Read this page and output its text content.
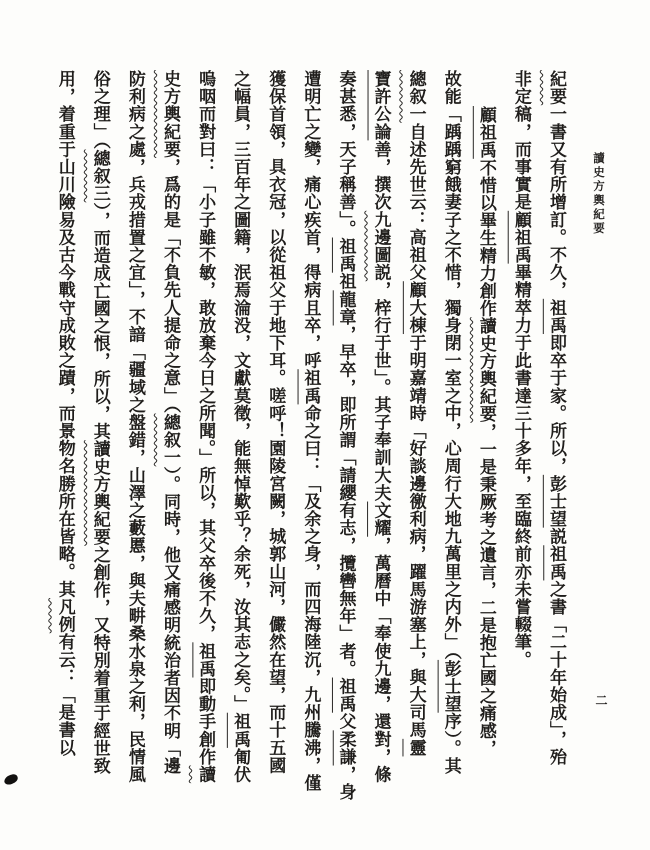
讀史方輿紀要
二
紀要一書又有所增訂。不久，祖禹即卒于家。所以，彭士望説祖禹之書「二十年始成」，殆
非定稿，而事實是顧祖禹畢精萃力于此書達三十多年，至臨終前亦未嘗輟筆。
顧祖禹不惜以畢生精力創作讀史方輿紀要，一是秉厥考之遺言，二是抱亡國之痛感，
故能「踽踽窮餓妻子之不惜，獨身閉一室之中，心周行大地九萬里之内外」（彭士望序）。其
總叙一自述先世云：高祖父顧大棟于明嘉靖時「好談邊徼利病，躍馬游塞上，與大司馬靈
寶許公論善，撰次九邊圖説，梓行于世」。其子奉訓大夫文耀，萬曆中「奉使九邊，還對，條
奏甚悉，天子稱善」。祖禹祖龍章，早卒，即所謂「請纓有志，攬轡無年」者。祖禹父柔謙，身
遭明亡之變，痛心疾首，得病且卒，呼祖禹命之曰：「及余之身，而四海陸沉，九州騰沸，僅
獲保首領，具衣冠，以從祖父于地下耳。嗟呼！園陵宮闕，城郭山河，儼然在望，而十五國
之幅員，三百年之圖籍，泯焉淪没，文獻莫徵，能無悼歎乎？余死，汝其志之矣。」祖禹匍伏
嗚咽而對曰：「小子雖不敏，敢放棄今日之所聞。」所以，其父卒後不久，祖禹即動手創作讀
史方輿紀要，爲的是「不負先人提命之意」（總叙一）。同時，他又痛感明統治者因不明「邊
防利病之處，兵戎措置之宜」，不諳「疆域之盤錯，山澤之藪慝，與夫畊桑水泉之利，民情風
俗之理」（總叙三），而造成亡國之恨，所以，其讀史方輿紀要之創作，又特別着重于經世致
用，着重于山川險易及古今戰守成敗之蹟，而景物名勝所在皆略。其凡例有云：「是書以
